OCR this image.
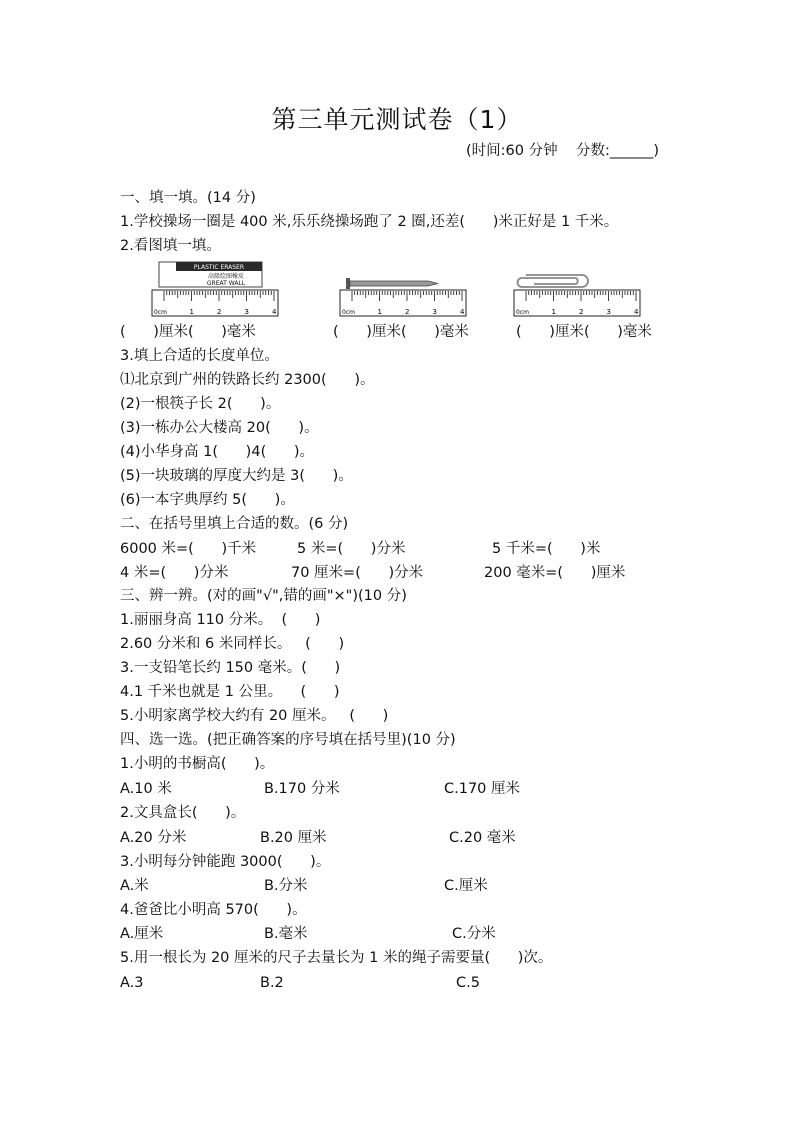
第三单元测试卷（1）
(时间:60 分钟    分数:______)
一、填一填。(14 分)
1.学校操场一圈是 400 米,乐乐绕操场跑了 2 圈,还差(      )米正好是 1 千米。
2.看图填一填。
PLASTIC ERASER
高级绘图橡皮
GREAT WALL
0cm	1	2	3	4	0cm	1	2	3	4	0cm	1	2	3	4
(      )厘米(      )毫米	(      )厘米(      )毫米	(      )厘米(      )毫米
3.填上合适的长度单位。
⑴北京到广州的铁路长约 2300(      )。
(2)一根筷子长 2(      )。
(3)一栋办公大楼高 20(      )。
(4)小华身高 1(      )4(      )。
(5)一块玻璃的厚度大约是 3(      )。
(6)一本字典厚约 5(      )。
二、在括号里填上合适的数。(6 分)
6000 米=(      )千米	5 米=(      )分米	5 千米=(      )米
4 米=(      )分米	70 厘米=(      )分米	200 毫米=(      )厘米
三、辨一辨。(对的画"√",错的画"×")(10 分)
1.丽丽身高 110 分米。  (      )
2.60 分米和 6 米同样长。   (      )
3.一支铅笔长约 150 毫米。(      )
4.1 千米也就是 1 公里。    (      )
5.小明家离学校大约有 20 厘米。   (      )
四、选一选。(把正确答案的序号填在括号里)(10 分)
1.小明的书橱高(      )。
A.10 米	B.170 分米	C.170 厘米
2.文具盒长(      )。
A.20 分米	B.20 厘米	C.20 毫米
3.小明每分钟能跑 3000(      )。
A.米	B.分米	C.厘米
4.爸爸比小明高 570(      )。
A.厘米	B.毫米	C.分米
5.用一根长为 20 厘米的尺子去量长为 1 米的绳子需要量(      )次。
A.3	B.2	C.5
